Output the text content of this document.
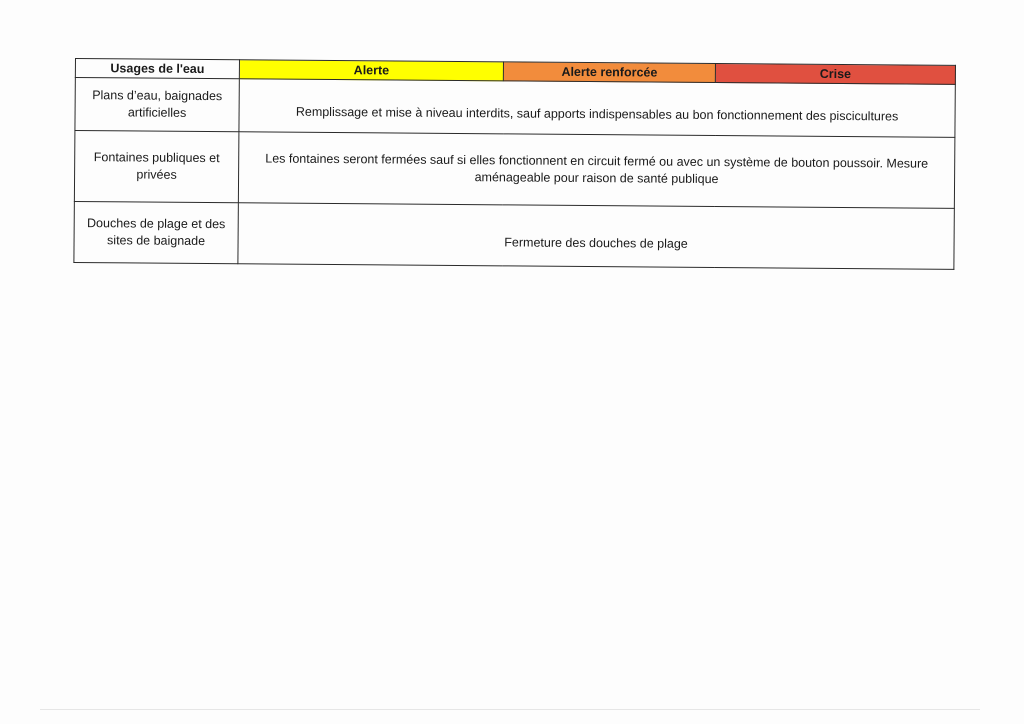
Usages de l'eau	Alerte	Alerte renforcée	Crise
Plans d’eau, baignades artificielles	Remplissage et mise à niveau interdits, sauf apports indispensables au bon fonctionnement des piscicultures		
Fontaines publiques et privées	Les fontaines seront fermées sauf si elles fonctionnent en circuit fermé ou avec un système de bouton poussoir. Mesure aménageable pour raison de santé publique		
Douches de plage et des sites de baignade	Fermeture des douches de plage		
